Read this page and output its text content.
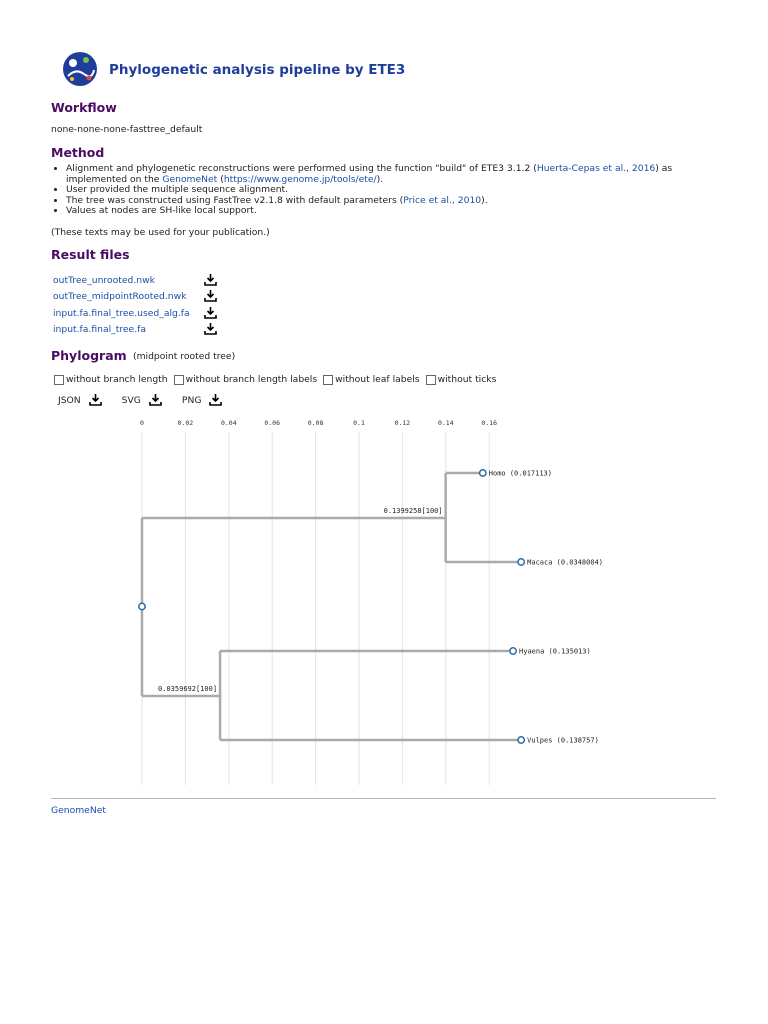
Phylogenetic analysis pipeline by ETE3
Workflow
none-none-none-fasttree_default
Method
• Alignment and phylogenetic reconstructions were performed using the function "build" of ETE3 3.1.2 (Huerta-Cepas et al., 2016) as
implemented on the GenomeNet (https://www.genome.jp/tools/ete/).
• User provided the multiple sequence alignment.
• The tree was constructed using FastTree v2.1.8 with default parameters (Price et al., 2010).
• Values at nodes are SH-like local support.
(These texts may be used for your publication.)
Result files
outTree_unrooted.nwk
outTree_midpointRooted.nwk
input.fa.final_tree.used_alg.fa
input.fa.final_tree.fa
Phylogram (midpoint rooted tree)
without branch length without branch length labels without leaf labels without ticks
JSON	SVG	PNG
0	0.02	0.04	0.06	0.08	0.1	0.12	0.14	0.16
0.1399258[100]
0.0359692[100]
Homo (0.017113)
Macaca (0.0348004)
Hyaena (0.135013)
Vulpes (0.138757)
GenomeNet
